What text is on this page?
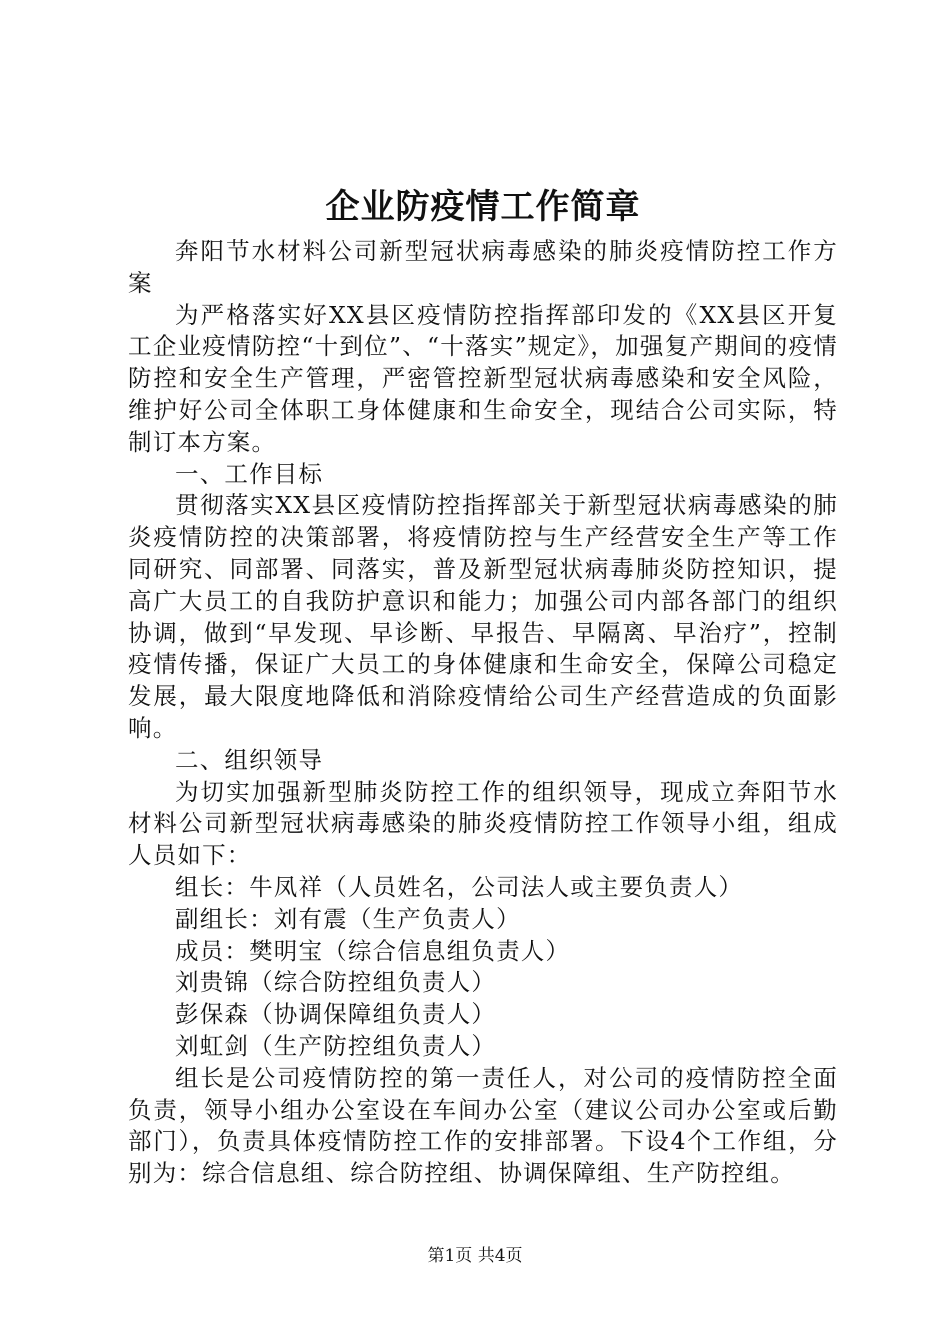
企业防疫情工作简章

奔阳节水材料公司新型冠状病毒感染的肺炎疫情防控工作方案

为严格落实好XX县区疫情防控指挥部印发的《XX县区开复工企业疫情防控“十到位”、“十落实”规定》，加强复产期间的疫情防控和安全生产管理，严密管控新型冠状病毒感染和安全风险，维护好公司全体职工身体健康和生命安全，现结合公司实际，特制订本方案。

一、工作目标

贯彻落实XX县区疫情防控指挥部关于新型冠状病毒感染的肺炎疫情防控的决策部署，将疫情防控与生产经营安全生产等工作同研究、同部署、同落实，普及新型冠状病毒肺炎防控知识，提高广大员工的自我防护意识和能力；加强公司内部各部门的组织协调，做到“早发现、早诊断、早报告、早隔离、早治疗”，控制疫情传播，保证广大员工的身体健康和生命安全，保障公司稳定发展，最大限度地降低和消除疫情给公司生产经营造成的负面影响。

二、组织领导

为切实加强新型肺炎防控工作的组织领导，现成立奔阳节水材料公司新型冠状病毒感染的肺炎疫情防控工作领导小组，组成人员如下：

组长：牛凤祥（人员姓名，公司法人或主要负责人）

副组长：刘有震（生产负责人）

成员：樊明宝（综合信息组负责人）

刘贵锦（综合防控组负责人）

彭保森（协调保障组负责人）

刘虹剑（生产防控组负责人）

组长是公司疫情防控的第一责任人，对公司的疫情防控全面负责，领导小组办公室设在车间办公室（建议公司办公室或后勤部门），负责具体疫情防控工作的安排部署。下设4个工作组，分别为：综合信息组、综合防控组、协调保障组、生产防控组。

第1页 共4页
